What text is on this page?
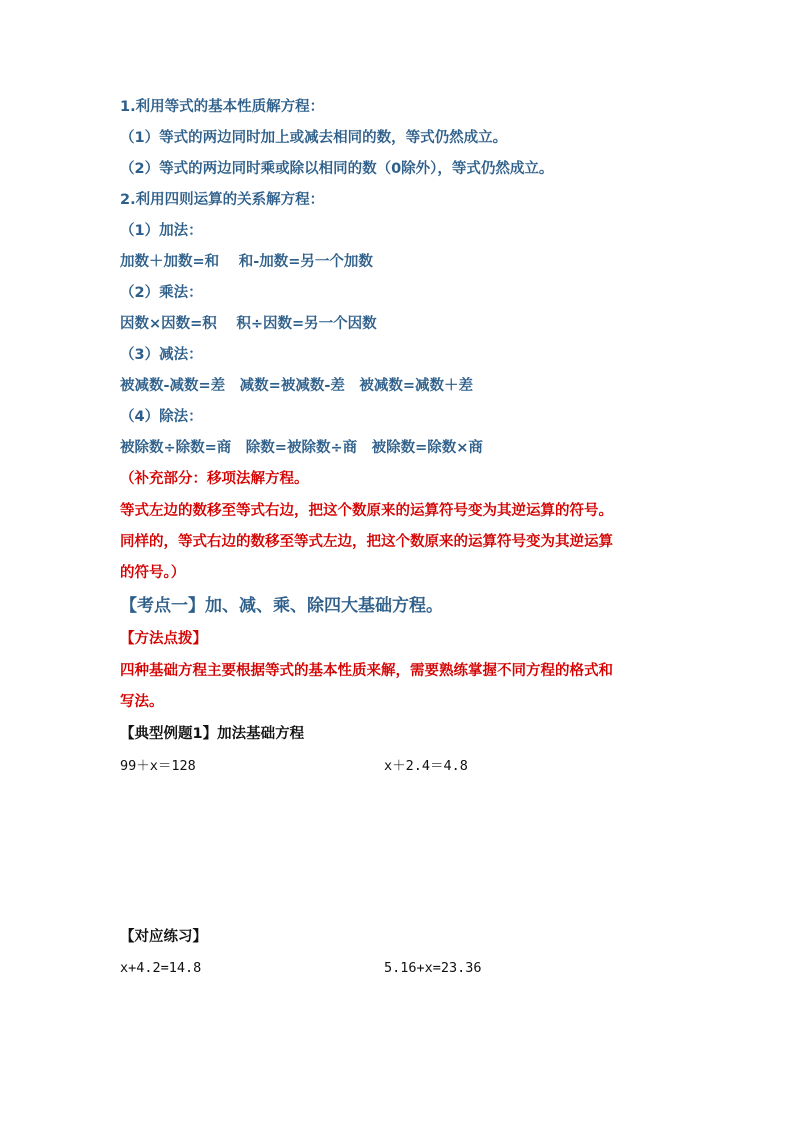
1.利用等式的基本性质解方程：
（1）等式的两边同时加上或减去相同的数，等式仍然成立。
（2）等式的两边同时乘或除以相同的数（0除外），等式仍然成立。
2.利用四则运算的关系解方程：
（1）加法：
加数＋加数=和　 和-加数=另一个加数
（2）乘法：
因数×因数=积　 积÷因数=另一个因数
（3）减法：
被减数-减数=差　减数=被减数-差　被减数=减数＋差
（4）除法：
被除数÷除数=商　除数=被除数÷商　被除数=除数×商
（补充部分：移项法解方程。
等式左边的数移至等式右边，把这个数原来的运算符号变为其逆运算的符号。
同样的，等式右边的数移至等式左边，把这个数原来的运算符号变为其逆运算
的符号。）
【考点一】加、减、乘、除四大基础方程。
【方法点拨】
四种基础方程主要根据等式的基本性质来解，需要熟练掌握不同方程的格式和
写法。
【典型例题1】加法基础方程
99＋x＝128	x＋2.4＝4.8
【对应练习】
x+4.2=14.8	5.16+x=23.36
